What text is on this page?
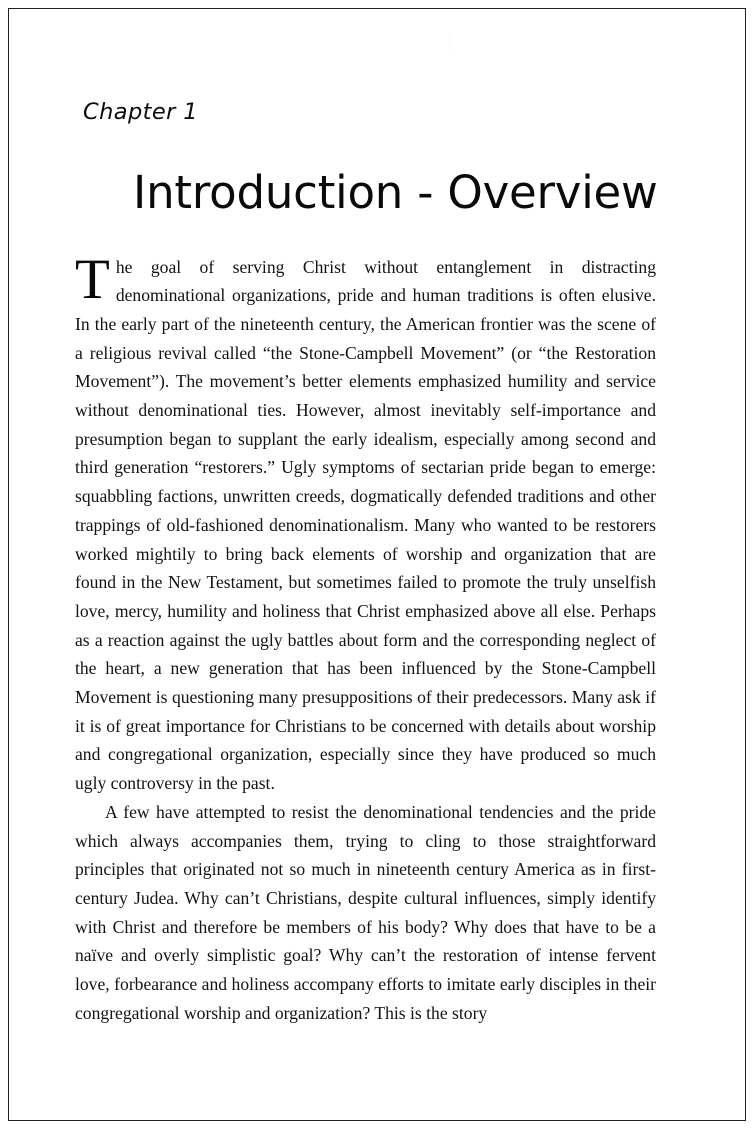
Chapter 1
Introduction - Overview

The goal of serving Christ without entanglement in distracting denominational organizations, pride and human traditions is often elusive. In the early part of the nineteenth century, the American frontier was the scene of a religious revival called “the Stone-Campbell Movement” (or “the Restoration Movement”). The movement’s better elements emphasized humility and service without denominational ties. However, almost inevitably self-importance and presumption began to supplant the early idealism, especially among second and third generation “restorers.” Ugly symptoms of sectarian pride began to emerge: squabbling factions, unwritten creeds, dogmatically defended traditions and other trappings of old-fashioned denominationalism. Many who wanted to be restorers worked mightily to bring back elements of worship and organization that are found in the New Testament, but sometimes failed to promote the truly unselfish love, mercy, humility and holiness that Christ emphasized above all else. Perhaps as a reaction against the ugly battles about form and the corresponding neglect of the heart, a new generation that has been influenced by the Stone-Campbell Movement is questioning many presuppositions of their predecessors. Many ask if it is of great importance for Christians to be concerned with details about worship and congregational organization, especially since they have produced so much ugly controversy in the past.

A few have attempted to resist the denominational tendencies and the pride which always accompanies them, trying to cling to those straightforward principles that originated not so much in nineteenth century America as in first-century Judea. Why can’t Christians, despite cultural influences, simply identify with Christ and therefore be members of his body? Why does that have to be a naïve and overly simplistic goal? Why can’t the restoration of intense fervent love, forbearance and holiness accompany efforts to imitate early disciples in their congregational worship and organization? This is the story
